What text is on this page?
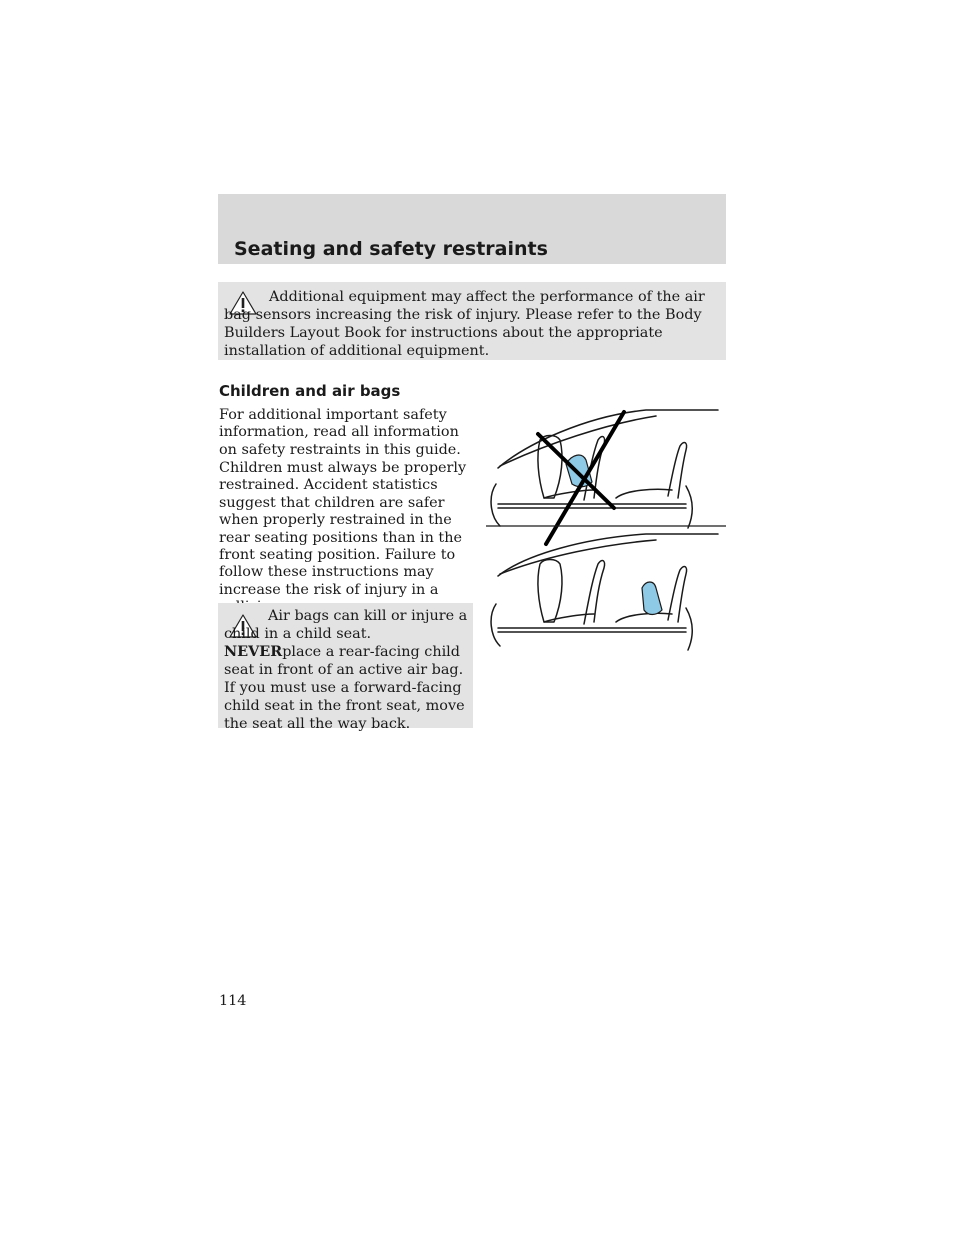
Seating and safety restraints
Additional equipment may affect the performance of the air bag sensors increasing the risk of injury. Please refer to the Body Builders Layout Book for instructions about the appropriate installation of additional equipment.
Children and air bags

For additional important safety information, read all information on safety restraints in this guide.

Children must always be properly restrained. Accident statistics suggest that children are safer when properly restrained in the rear seating positions than in the front seating position. Failure to follow these instructions may increase the risk of injury in a

Air bags can kill or injure a child in a child seat. NEVERplace a rear-facing child seat in front of an active air bag. If you must use a forward-facing child seat in the front seat, move the seat all the way back.

114
